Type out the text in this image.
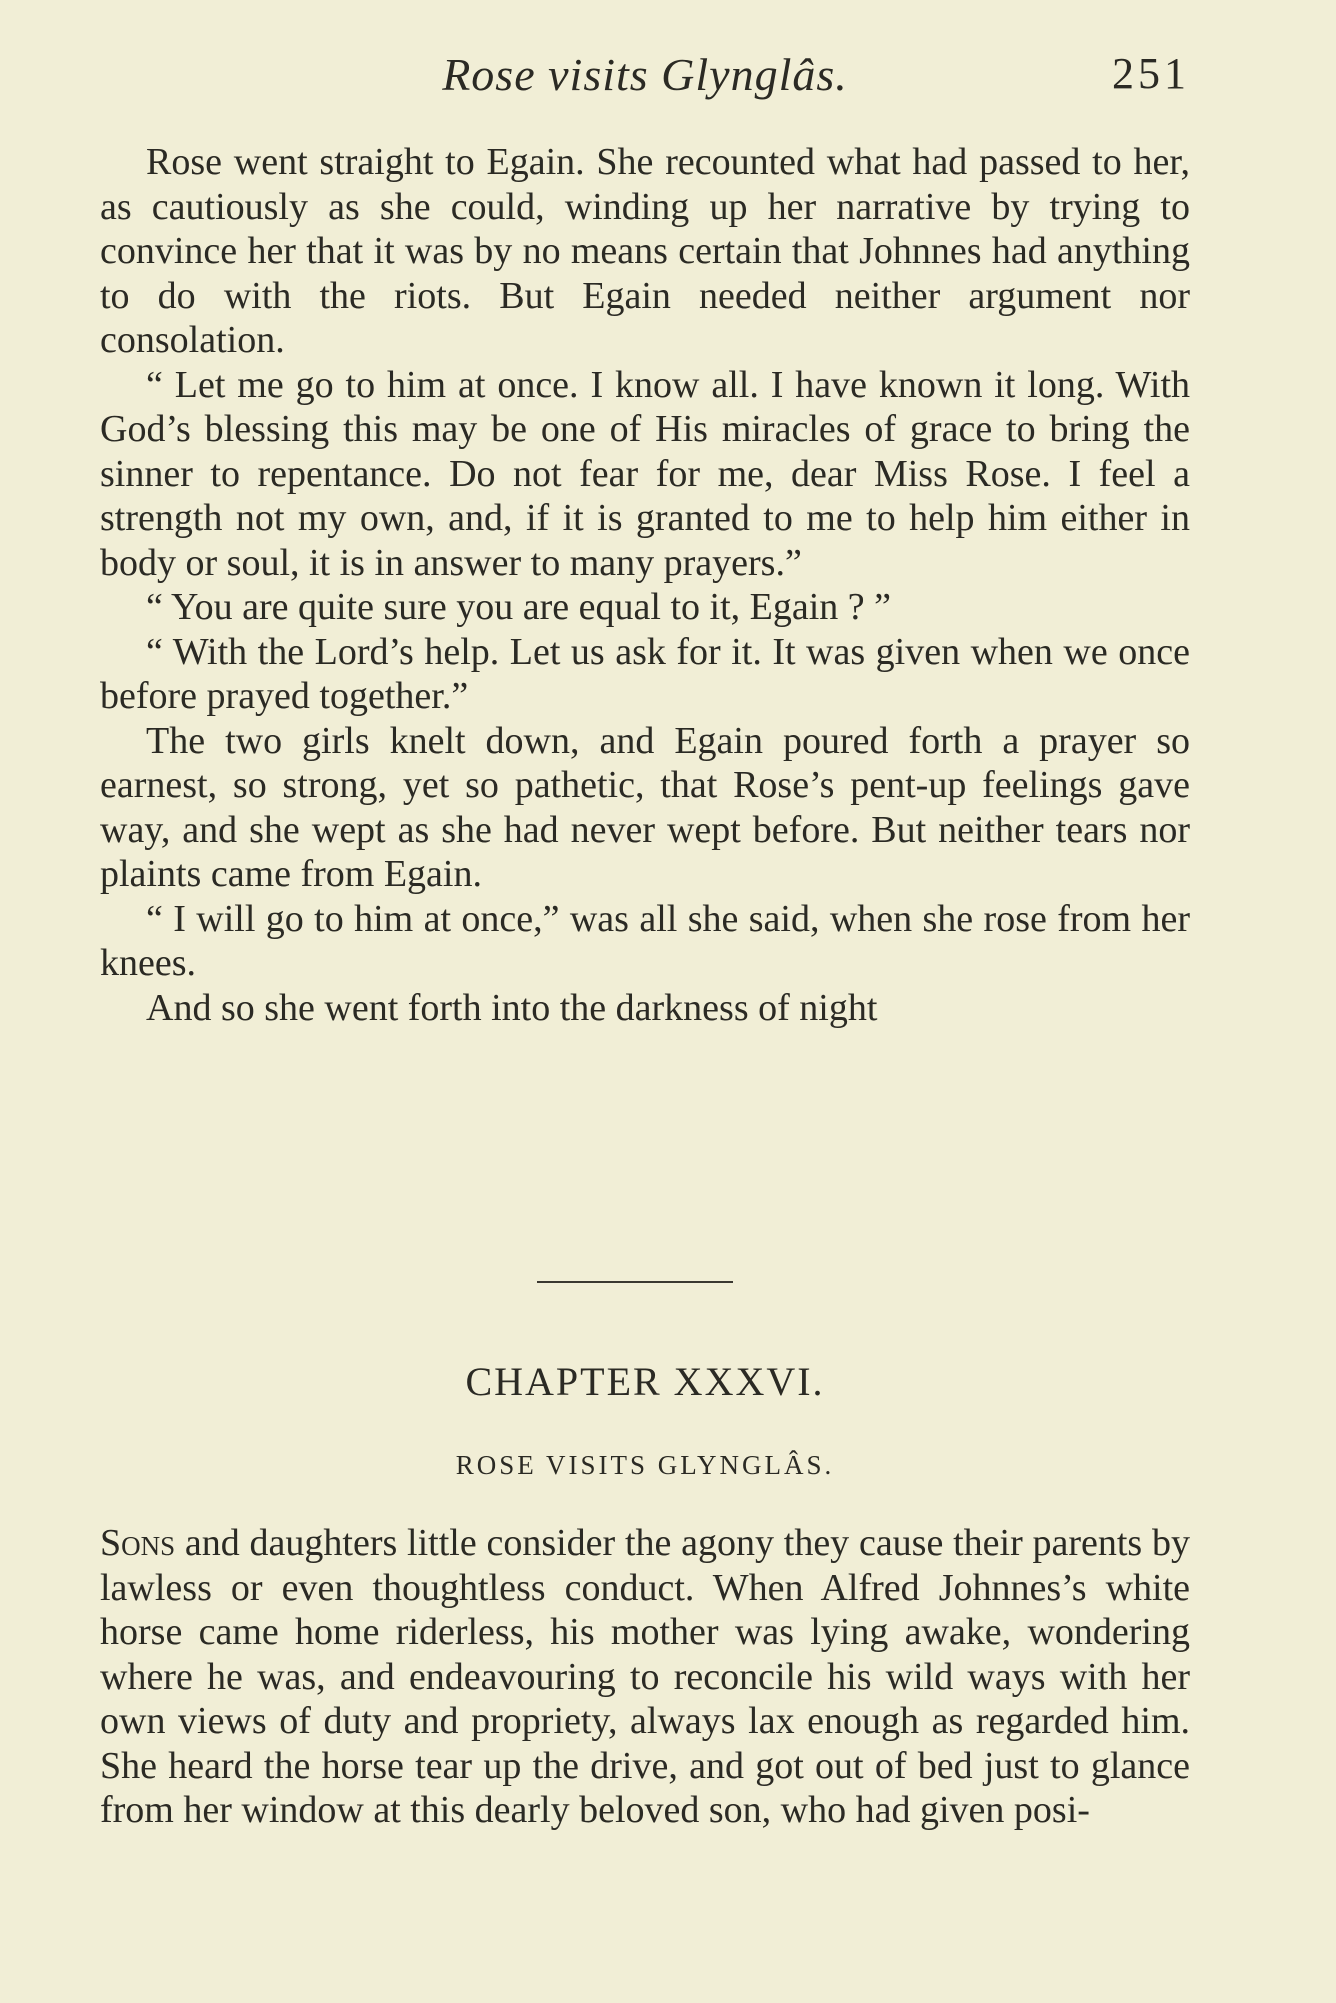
Rose visits Glynglâs.	251

Rose went straight to Egain. She recounted what had passed to her, as cautiously as she could, winding up her narrative by trying to convince her that it was by no means certain that Johnnes had anything to do with the riots. But Egain needed neither argument nor consolation.

“ Let me go to him at once. I know all. I have known it long. With God’s blessing this may be one of His miracles of grace to bring the sinner to repentance. Do not fear for me, dear Miss Rose. I feel a strength not my own, and, if it is granted to me to help him either in body or soul, it is in answer to many prayers.”

“ You are quite sure you are equal to it, Egain ? ”

“ With the Lord’s help. Let us ask for it. It was given when we once before prayed together.”

The two girls knelt down, and Egain poured forth a prayer so earnest, so strong, yet so pathetic, that Rose’s pent-up feelings gave way, and she wept as she had never wept before. But neither tears nor plaints came from Egain.

“ I will go to him at once,” was all she said, when she rose from her knees.

And so she went forth into the darkness of night

CHAPTER XXXVI.
ROSE VISITS GLYNGLÂS.

Sons and daughters little consider the agony they cause their parents by lawless or even thoughtless conduct. When Alfred Johnnes’s white horse came home riderless, his mother was lying awake, wondering where he was, and endeavouring to reconcile his wild ways with her own views of duty and propriety, always lax enough as regarded him. She heard the horse tear up the drive, and got out of bed just to glance from her window at this dearly beloved son, who had given posi-
